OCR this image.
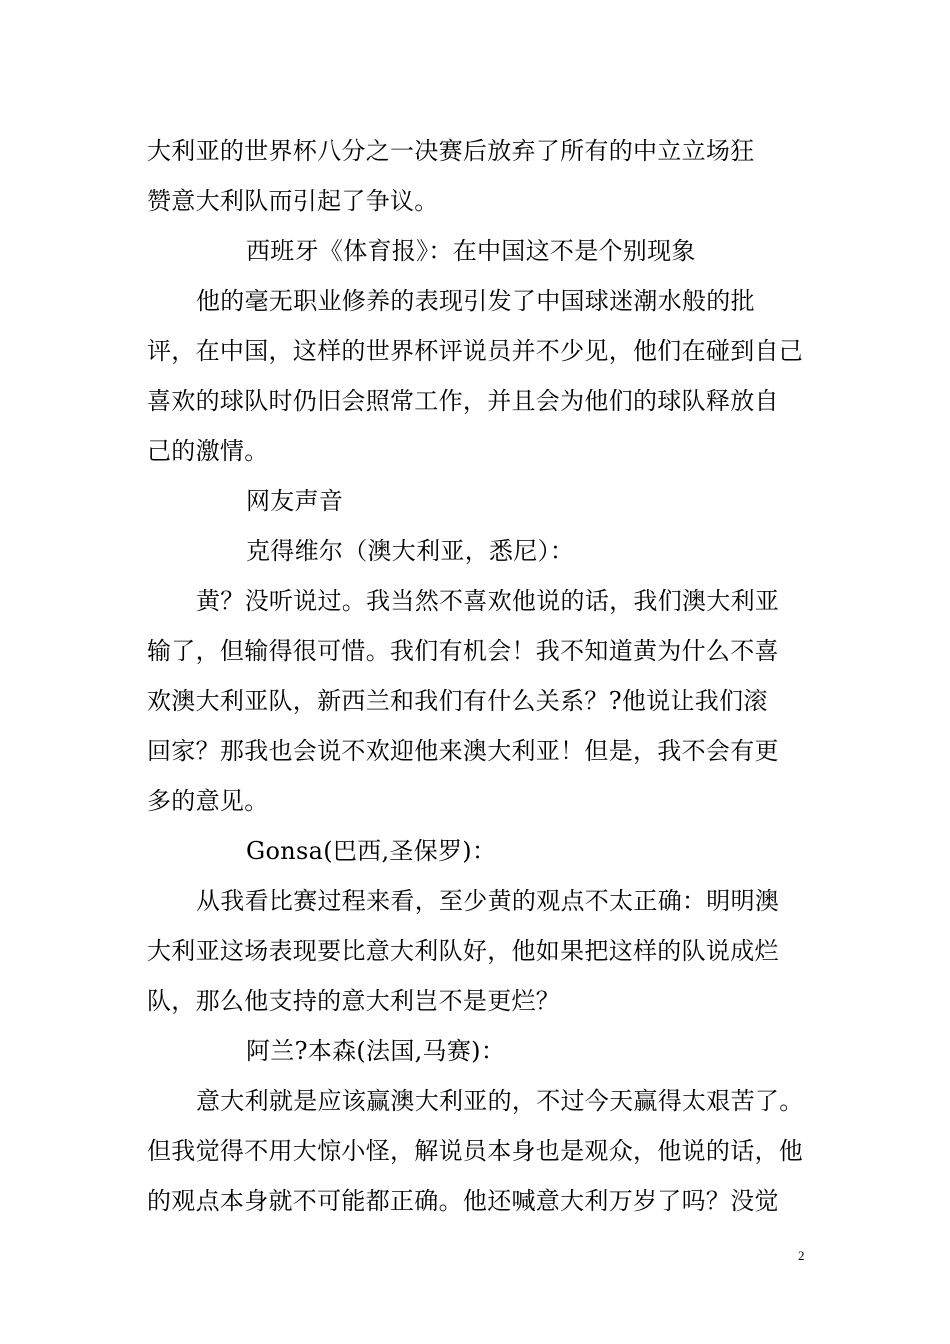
大利亚的世界杯八分之一决赛后放弃了所有的中立立场狂
赞意大利队而引起了争议。
西班牙《体育报》：在中国这不是个别现象
他的毫无职业修养的表现引发了中国球迷潮水般的批
评，在中国，这样的世界杯评说员并不少见，他们在碰到自己
喜欢的球队时仍旧会照常工作，并且会为他们的球队释放自
己的激情。
网友声音
克得维尔（澳大利亚，悉尼）：
黄？没听说过。我当然不喜欢他说的话，我们澳大利亚
输了，但输得很可惜。我们有机会！我不知道黄为什么不喜
欢澳大利亚队，新西兰和我们有什么关系？?他说让我们滚
回家？那我也会说不欢迎他来澳大利亚！但是，我不会有更
多的意见。
Gonsa(巴西,圣保罗)：
从我看比赛过程来看，至少黄的观点不太正确：明明澳
大利亚这场表现要比意大利队好，他如果把这样的队说成烂
队，那么他支持的意大利岂不是更烂？
阿兰?本森(法国,马赛)：
意大利就是应该赢澳大利亚的，不过今天赢得太艰苦了。
但我觉得不用大惊小怪，解说员本身也是观众，他说的话，他
的观点本身就不可能都正确。他还喊意大利万岁了吗？没觉
2
